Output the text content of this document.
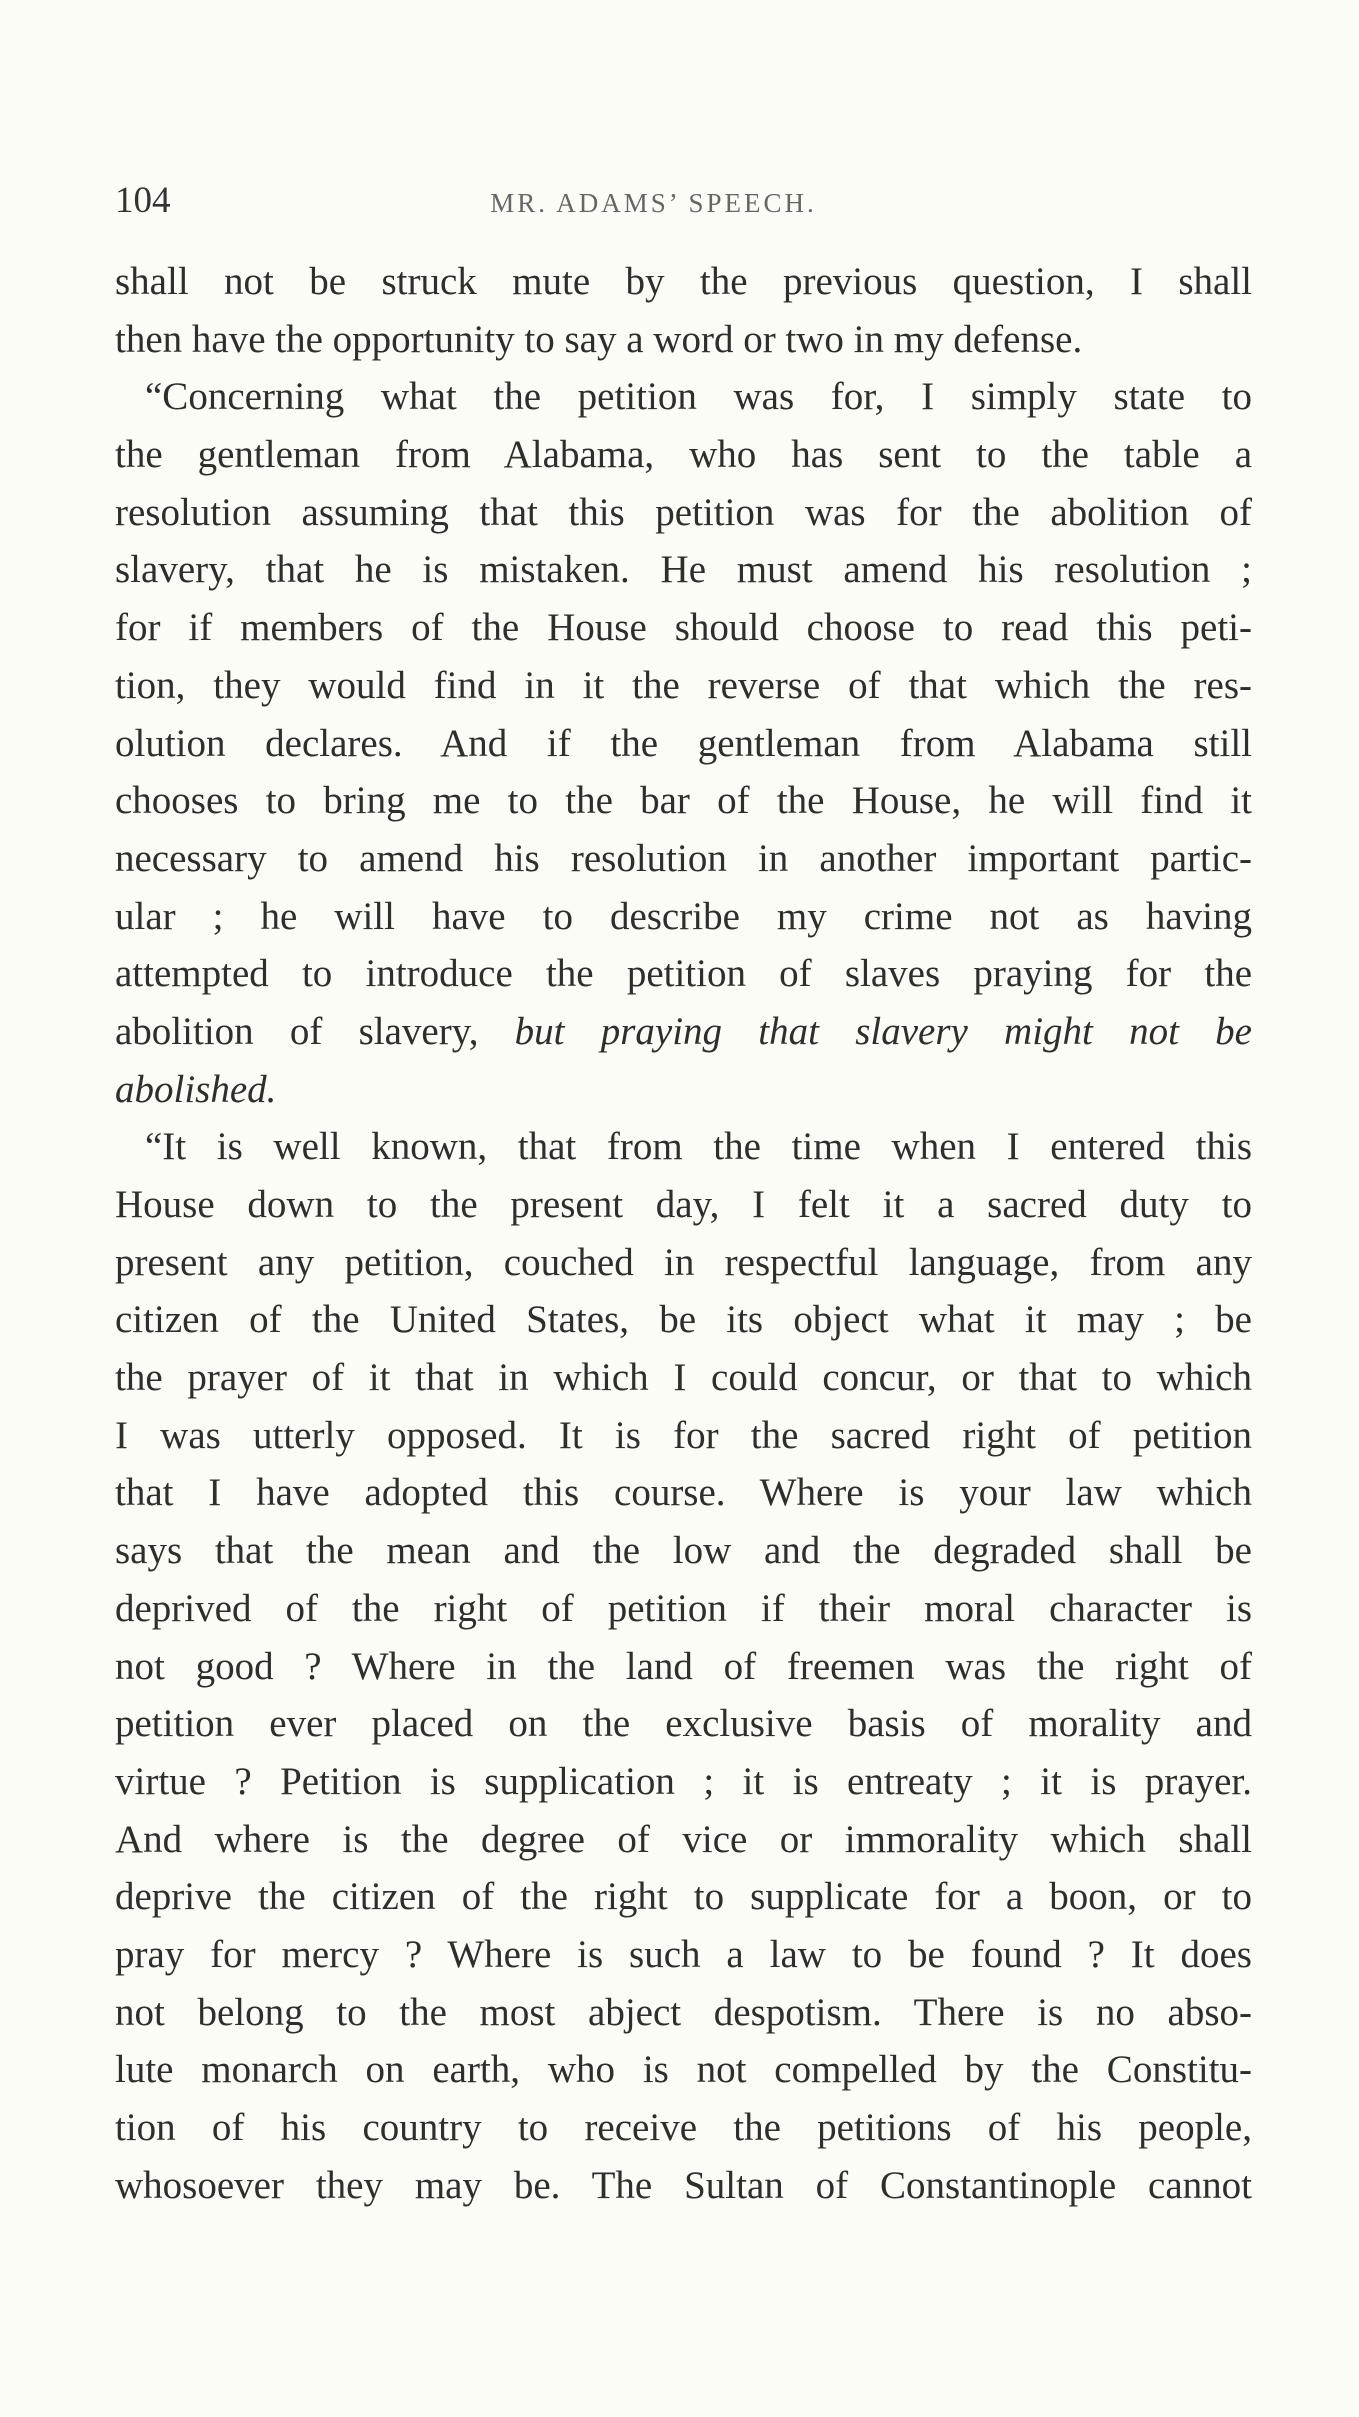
104	MR. ADAMS’ SPEECH.
shall not be struck mute by the previous question, I shall
then have the opportunity to say a word or two in my defense.
“Concerning what the petition was for, I simply state to
the gentleman from Alabama, who has sent to the table a
resolution assuming that this petition was for the abolition of
slavery, that he is mistaken. He must amend his resolution ;
for if members of the House should choose to read this peti-
tion, they would find in it the reverse of that which the res-
olution declares. And if the gentleman from Alabama still
chooses to bring me to the bar of the House, he will find it
necessary to amend his resolution in another important partic-
ular ; he will have to describe my crime not as having
attempted to introduce the petition of slaves praying for the
abolition of slavery, but praying that slavery might not be
abolished.
“It is well known, that from the time when I entered this
House down to the present day, I felt it a sacred duty to
present any petition, couched in respectful language, from any
citizen of the United States, be its object what it may ; be
the prayer of it that in which I could concur, or that to which
I was utterly opposed. It is for the sacred right of petition
that I have adopted this course. Where is your law which
says that the mean and the low and the degraded shall be
deprived of the right of petition if their moral character is
not good ? Where in the land of freemen was the right of
petition ever placed on the exclusive basis of morality and
virtue ? Petition is supplication ; it is entreaty ; it is prayer.
And where is the degree of vice or immorality which shall
deprive the citizen of the right to supplicate for a boon, or to
pray for mercy ? Where is such a law to be found ? It does
not belong to the most abject despotism. There is no abso-
lute monarch on earth, who is not compelled by the Constitu-
tion of his country to receive the petitions of his people,
whosoever they may be. The Sultan of Constantinople cannot
